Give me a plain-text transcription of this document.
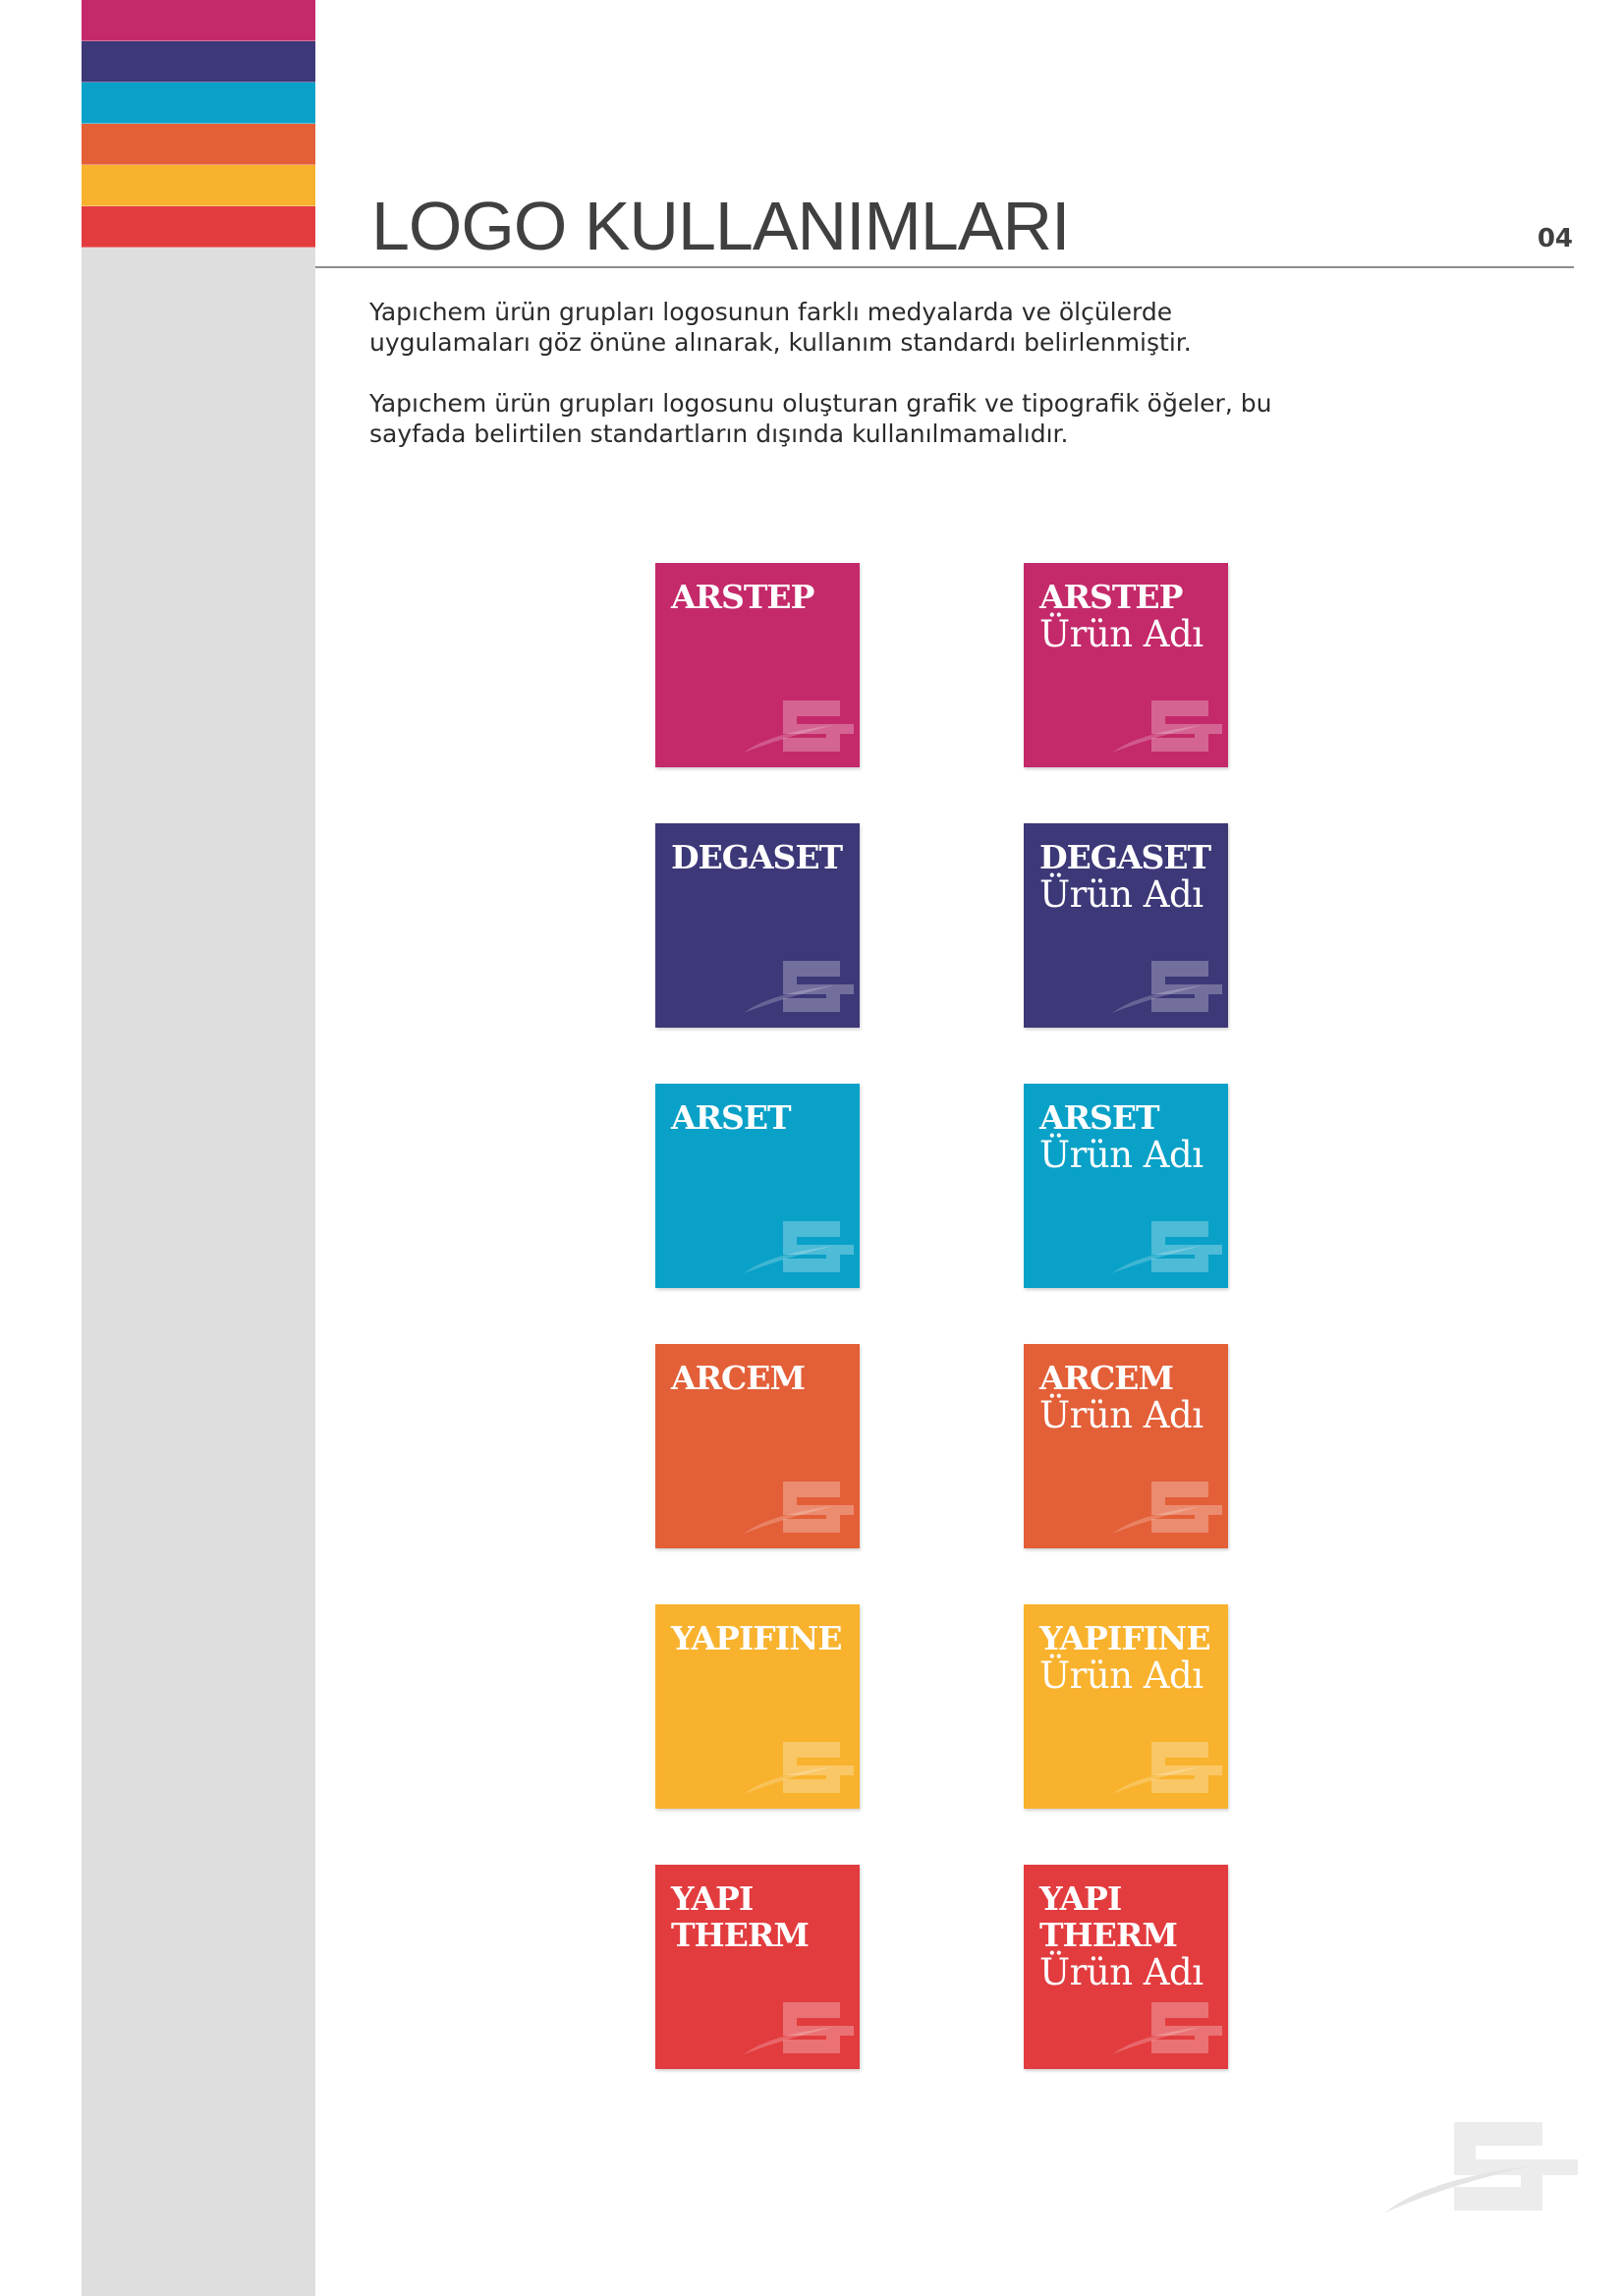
LOGO KULLANIMLARI	04

Yapıchem ürün grupları logosunun farklı medyalarda ve ölçülerde uygulamaları göz önüne alınarak, kullanım standardı belirlenmiştir.

Yapıchem ürün grupları logosunu oluşturan grafik ve tipografik öğeler, bu sayfada belirtilen standartların dışında kullanılmamalıdır.

ARSTEP	ARSTEP
Ürün Adı
DEGASET	DEGASET
Ürün Adı
ARSET	ARSET
Ürün Adı
ARCEM	ARCEM
Ürün Adı
YAPIFINE	YAPIFINE
Ürün Adı
YAPI
THERM
YAPI
THERM
Ürün Adı
